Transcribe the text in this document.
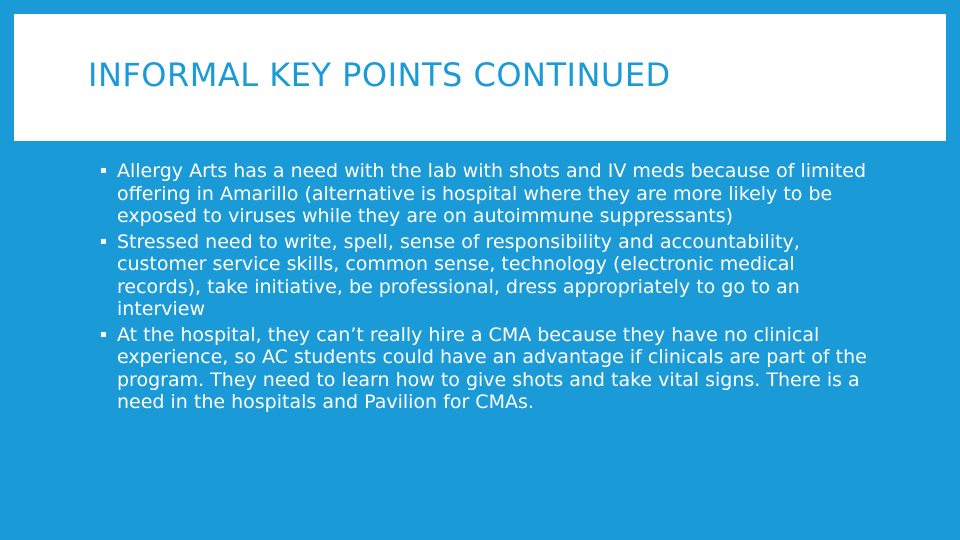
INFORMAL KEY POINTS CONTINUED
▪ Allergy Arts has a need with the lab with shots and IV meds because of limited offering in Amarillo (alternative is hospital where they are more likely to be exposed to viruses while they are on autoimmune suppressants)
▪ Stressed need to write, spell, sense of responsibility and accountability, customer service skills, common sense, technology (electronic medical records), take initiative, be professional, dress appropriately to go to an interview
▪ At the hospital, they can’t really hire a CMA because they have no clinical experience, so AC students could have an advantage if clinicals are part of the program. They need to learn how to give shots and take vital signs. There is a need in the hospitals and Pavilion for CMAs.
